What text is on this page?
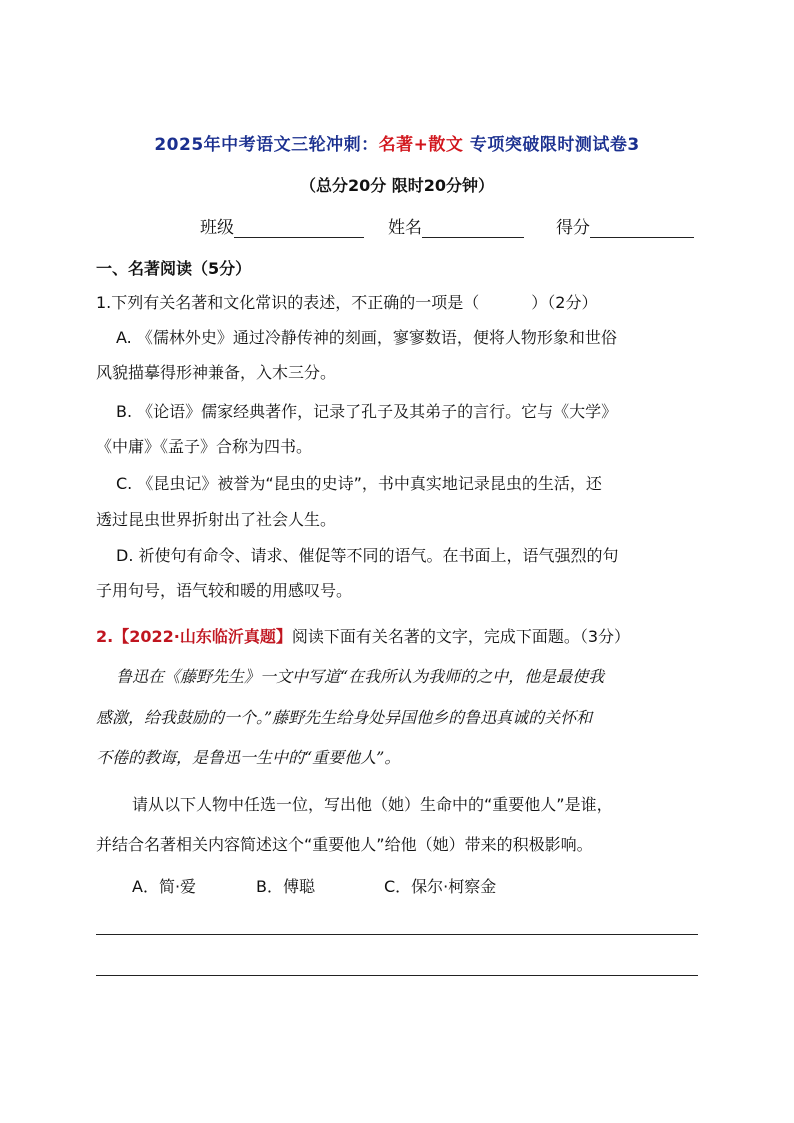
2025年中考语文三轮冲刺：名著+散文 专项突破限时测试卷3
（总分20分 限时20分钟）
班级	姓名	得分
一、名著阅读（5分）
1.下列有关名著和文化常识的表述，不正确的一项是（	）（2分）
A. 《儒林外史》通过冷静传神的刻画，寥寥数语，便将人物形象和世俗
风貌描摹得形神兼备，入木三分。
B. 《论语》儒家经典著作，记录了孔子及其弟子的言行。它与《大学》
《中庸》《孟子》合称为四书。
C. 《昆虫记》被誉为“昆虫的史诗”，书中真实地记录昆虫的生活，还
透过昆虫世界折射出了社会人生。
D. 祈使句有命令、请求、催促等不同的语气。在书面上，语气强烈的句
子用句号，语气较和暖的用感叹号。
2.【2022·山东临沂真题】阅读下面有关名著的文字，完成下面题。（3分）
鲁迅在《藤野先生》一文中写道“在我所认为我师的之中，他是最使我
感激，给我鼓励的一个。”藤野先生给身处异国他乡的鲁迅真诚的关怀和
不倦的教诲，是鲁迅一生中的“重要他人”。
请从以下人物中任选一位，写出他（她）生命中的“重要他人”是谁，
并结合名著相关内容简述这个“重要他人”给他（她）带来的积极影响。
A．简·爱	B．傅聪	C．保尔·柯察金
